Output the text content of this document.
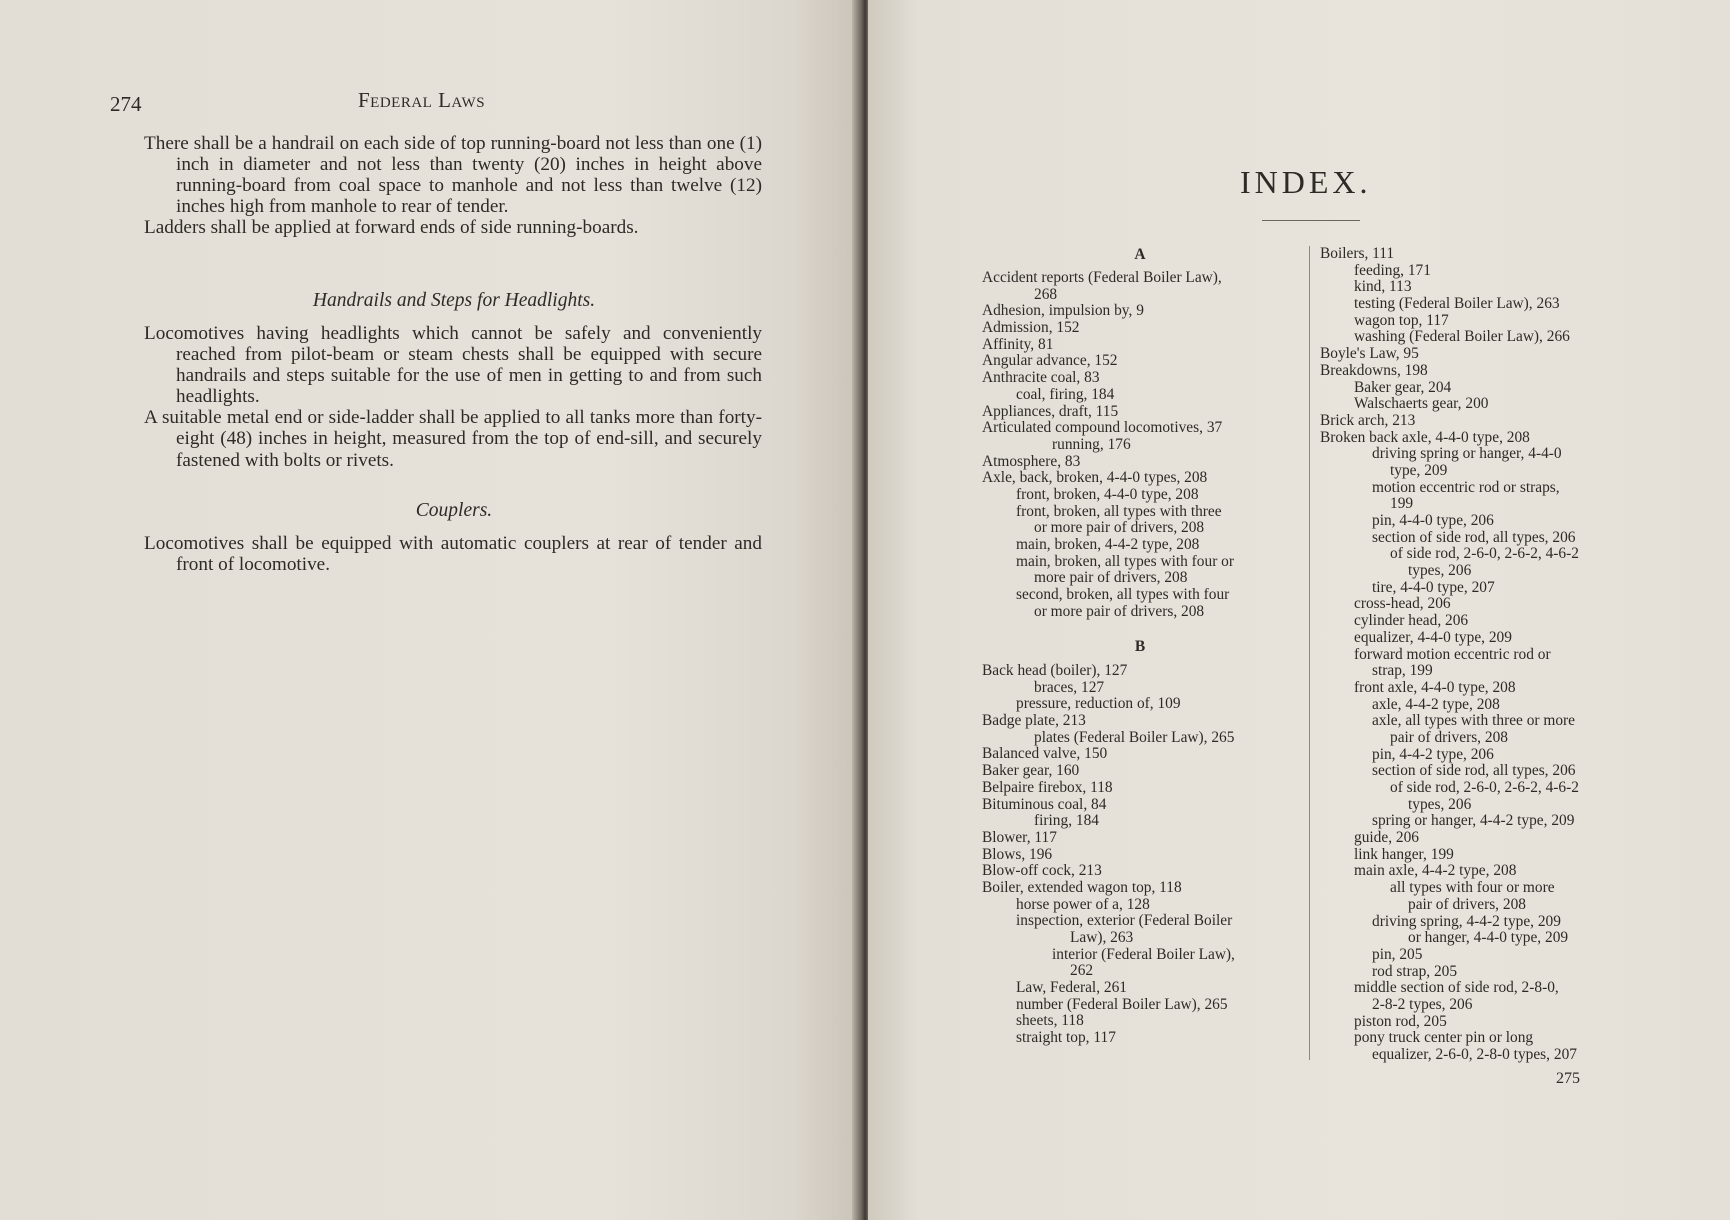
274	Federal Laws

There shall be a handrail on each side of top running-board not less than one (1) inch in diameter and not less than twenty (20) inches in height above running-board from coal space to manhole and not less than twelve (12) inches high from manhole to rear of tender.

Ladders shall be applied at forward ends of side running-boards.

Handrails and Steps for Headlights.

Locomotives having headlights which cannot be safely and conveniently reached from pilot-beam or steam chests shall be equipped with secure handrails and steps suitable for the use of men in getting to and from such headlights.

A suitable metal end or side-ladder shall be applied to all tanks more than forty-eight (48) inches in height, measured from the top of end-sill, and securely fastened with bolts or rivets.

Couplers.

Locomotives shall be equipped with automatic couplers at rear of tender and front of locomotive.

INDEX.
A
Accident reports (Federal Boiler Law),
268
Adhesion, impulsion by, 9
Admission, 152
Affinity, 81
Angular advance, 152
Anthracite coal, 83
coal, firing, 184
Appliances, draft, 115
Articulated compound locomotives, 37
running, 176
Atmosphere, 83
Axle, back, broken, 4-4-0 types, 208
front, broken, 4-4-0 type, 208
front, broken, all types with three
or more pair of drivers, 208
main, broken, 4-4-2 type, 208
main, broken, all types with four or
more pair of drivers, 208
second, broken, all types with four
or more pair of drivers, 208
B
Back head (boiler), 127
braces, 127
pressure, reduction of, 109
Badge plate, 213
plates (Federal Boiler Law), 265
Balanced valve, 150
Baker gear, 160
Belpaire firebox, 118
Bituminous coal, 84
firing, 184
Blower, 117
Blows, 196
Blow-off cock, 213
Boiler, extended wagon top, 118
horse power of a, 128
inspection, exterior (Federal Boiler
Law), 263
interior (Federal Boiler Law),
262
Law, Federal, 261
number (Federal Boiler Law), 265
sheets, 118
straight top, 117
Boilers, 111
feeding, 171
kind, 113
testing (Federal Boiler Law), 263
wagon top, 117
washing (Federal Boiler Law), 266
Boyle's Law, 95
Breakdowns, 198
Baker gear, 204
Walschaerts gear, 200
Brick arch, 213
Broken back axle, 4-4-0 type, 208
driving spring or hanger, 4-4-0
type, 209
motion eccentric rod or straps,
199
pin, 4-4-0 type, 206
section of side rod, all types, 206
of side rod, 2-6-0, 2-6-2, 4-6-2
types, 206
tire, 4-4-0 type, 207
cross-head, 206
cylinder head, 206
equalizer, 4-4-0 type, 209
forward motion eccentric rod or
strap, 199
front axle, 4-4-0 type, 208
axle, 4-4-2 type, 208
axle, all types with three or more
pair of drivers, 208
pin, 4-4-2 type, 206
section of side rod, all types, 206
of side rod, 2-6-0, 2-6-2, 4-6-2
types, 206
spring or hanger, 4-4-2 type, 209
guide, 206
link hanger, 199
main axle, 4-4-2 type, 208
all types with four or more
pair of drivers, 208
driving spring, 4-4-2 type, 209
or hanger, 4-4-0 type, 209
pin, 205
rod strap, 205
middle section of side rod, 2-8-0,
2-8-2 types, 206
piston rod, 205
pony truck center pin or long
equalizer, 2-6-0, 2-8-0 types, 207
275
